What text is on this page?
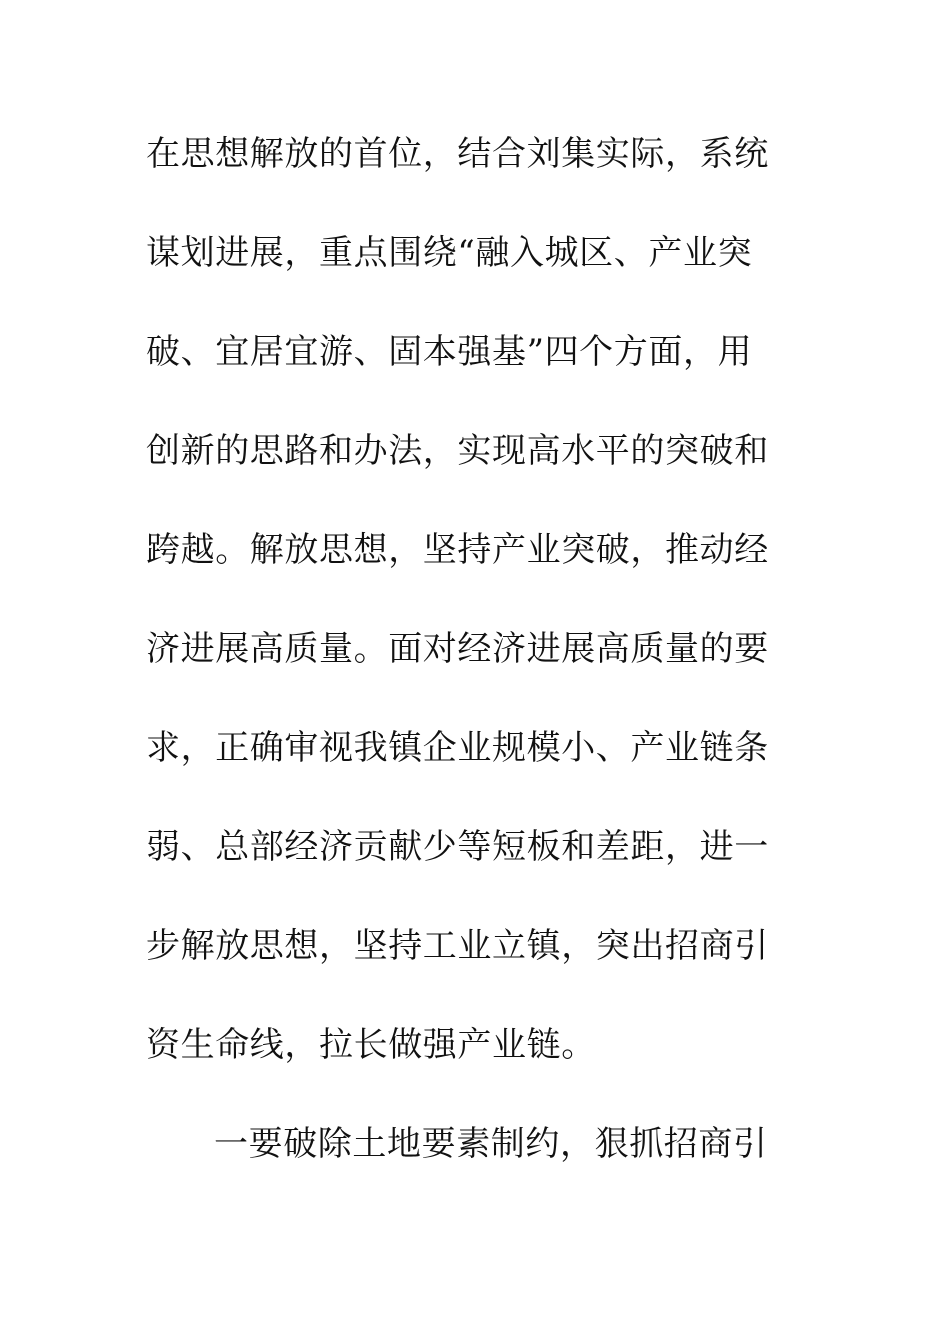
在思想解放的首位，结合刘集实际，系统
谋划进展，重点围绕“融入城区、产业突
破、宜居宜游、固本强基”四个方面，用
创新的思路和办法，实现高水平的突破和
跨越。解放思想，坚持产业突破，推动经
济进展高质量。面对经济进展高质量的要
求，正确审视我镇企业规模小、产业链条
弱、总部经济贡献少等短板和差距，进一
步解放思想，坚持工业立镇，突出招商引
资生命线，拉长做强产业链。
一要破除土地要素制约，狠抓招商引
